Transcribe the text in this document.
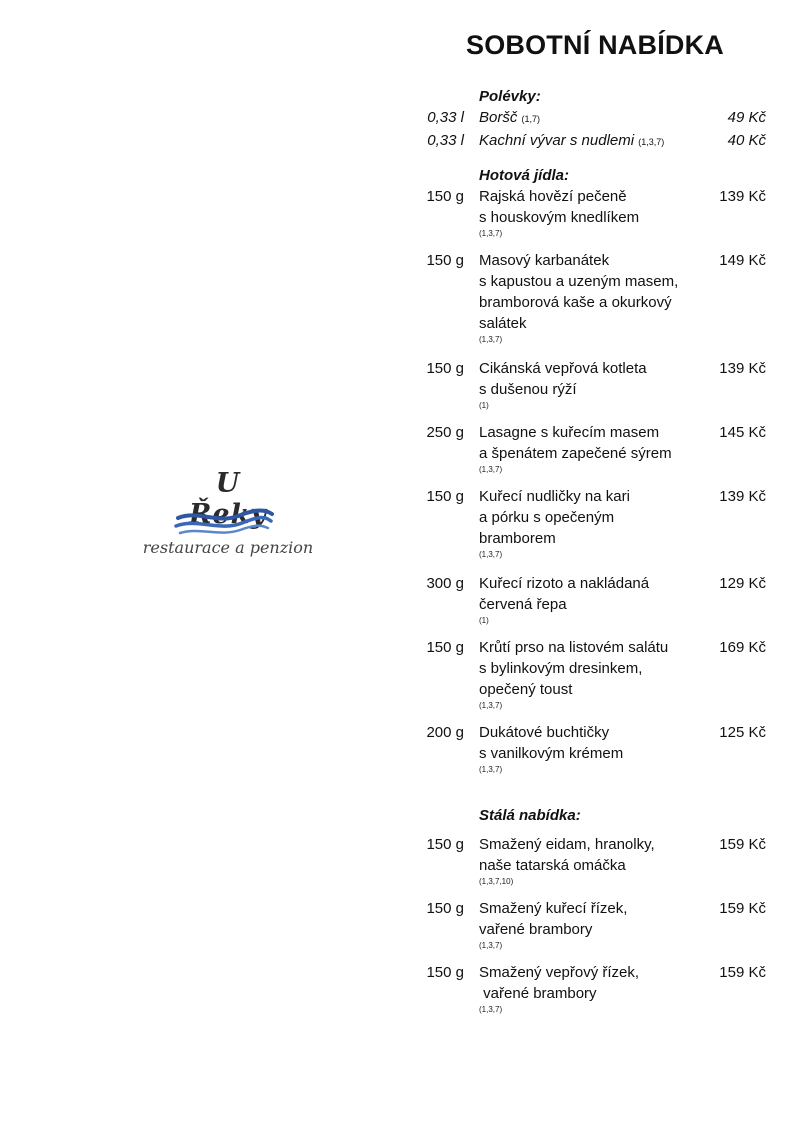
U Řeky
restaurace a penzion
SOBOTNÍ NABÍDKA
Polévky:
0,33 l Boršč (1,7)	49 Kč
0,33 l Kachní vývar s nudlemi (1,3,7)	40 Kč
Hotová jídla:
150 g Rajská hovězí pečeně
s houskovým knedlíkem
(1,3,7)
139 Kč
150 g Masový karbanátek
s kapustou a uzeným masem,
bramborová kaše a okurkový
salátek
(1,3,7)
149 Kč
150 g Cikánská vepřová kotleta
s dušenou rýží
(1)
139 Kč
250 g Lasagne s kuřecím masem
a špenátem zapečené sýrem
(1,3,7)
145 Kč
150 g Kuřecí nudličky na kari
a pórku s opečeným
bramborem
(1,3,7)
139 Kč
300 g Kuřecí rizoto a nakládaná
červená řepa
(1)
129 Kč
150 g Krůtí prso na listovém salátu
s bylinkovým dresinkem,
opečený toust
(1,3,7)
169 Kč
200 g Dukátové buchtičky
s vanilkovým krémem
(1,3,7)
125 Kč
Stálá nabídka:
150 g Smažený eidam, hranolky,
naše tatarská omáčka
(1,3,7,10)
159 Kč
150 g Smažený kuřecí řízek,
vařené brambory
(1,3,7)
159 Kč
150 g Smažený vepřový řízek,
vařené brambory
(1,3,7)
159 Kč
